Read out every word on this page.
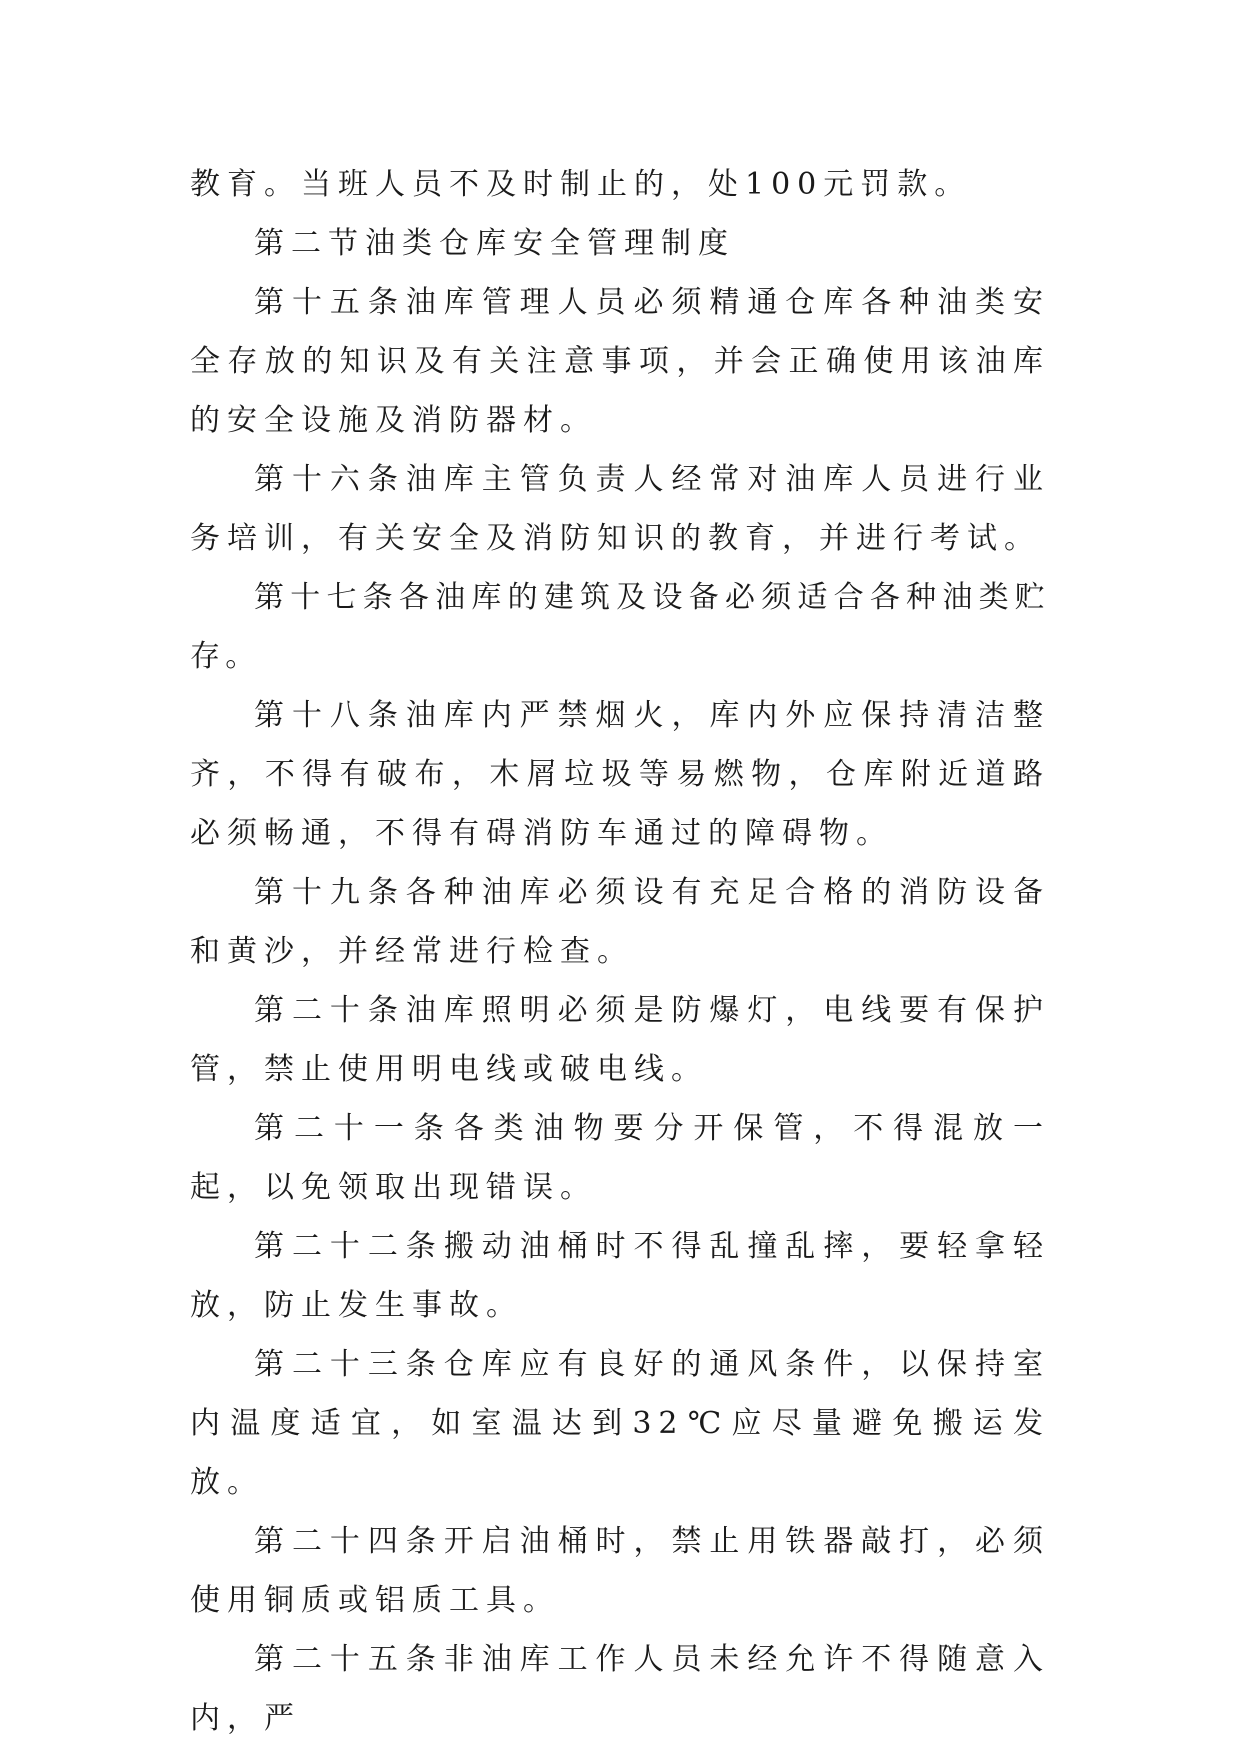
教育。当班人员不及时制止的，处100元罚款。

第二节油类仓库安全管理制度

第十五条油库管理人员必须精通仓库各种油类安全存放的知识及有关注意事项，并会正确使用该油库的安全设施及消防器材。

第十六条油库主管负责人经常对油库人员进行业务培训，有关安全及消防知识的教育，并进行考试。

第十七条各油库的建筑及设备必须适合各种油类贮存。

第十八条油库内严禁烟火，库内外应保持清洁整齐，不得有破布，木屑垃圾等易燃物，仓库附近道路必须畅通，不得有碍消防车通过的障碍物。

第十九条各种油库必须设有充足合格的消防设备和黄沙，并经常进行检查。

第二十条油库照明必须是防爆灯，电线要有保护管，禁止使用明电线或破电线。

第二十一条各类油物要分开保管，不得混放一起，以免领取出现错误。

第二十二条搬动油桶时不得乱撞乱摔，要轻拿轻放，防止发生事故。

第二十三条仓库应有良好的通风条件，以保持室内温度适宜，如室温达到32℃应尽量避免搬运发放。

第二十四条开启油桶时，禁止用铁器敲打，必须使用铜质或铝质工具。

第二十五条非油库工作人员未经允许不得随意入内，严
